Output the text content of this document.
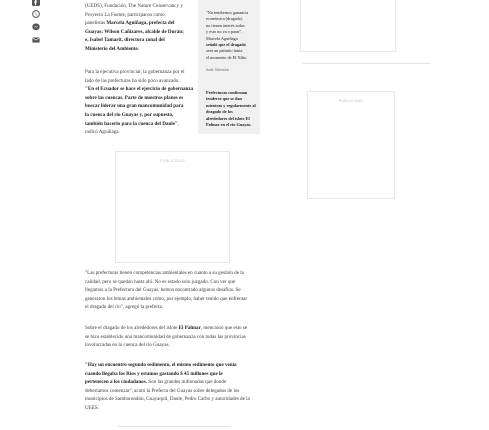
(UEDS), Fundación, The Nature Conservancy y
Proyecto La Fuente, participaron como
panelistas Marcela Aguiñaga, prefecta del
Guayas; Wilson Cañizares, alcalde de Durán;
e, Isabel Tamarit, directora zonal del
Ministerio del Ambiente.
Para la ejecutiva provincial, la gobernanza por el
lado de las prefecturas ha sido poco avanzado.
"En el Ecuador se hace el ejercicio de gobernanza
sobre las cuencas. Parte de nuestros planes es
buscar liderar una gran mancomunidad para
la cuenca del río Guayas y, por supuesto,
también hacerlo para la cuenca del Daule",
indicó Aguiñaga.
"Las prefecturas tienen competencias ambientales en cuanto a su gestión de la
calidad, pero se quedan hasta ahí. No es estado solo juzgado. Con ver que
llegamos a la Prefectura del Guayas, hemos encontrado algunos desafíos. Se
generaron los temas ambientales como, por ejemplo, haber tenido que enfrentar
el dragado del río", agregó la prefecta.
Sobre el dragado de los alrededores del islote El Palmar, mencionó que esto se
se hizo establecido una mancomunidad de gobernanza con todas las provincias
involucradas en la cuenca del río Guayas.
"Hay un encuentro segundo sedimento, el mismo sedimento que venía
cuando llegaba los Ríos y estamos gastando $ 45 millones que le
pertenecen a los ciudadanos. Son las grandes millonadas que donde
deberíamos comenzar", acotó la Prefecta del Guayas sobre delegados de los
municipios de Samborondón, Guayaquil, Daule, Pedro Carbo y autoridades de la
UEES.
"No tendremos ganancia
económica (dragado)
no tienen interés todas
y esto no va a parar".
Marcela Aguiñaga
señaló que el dragado
será un palmito hasta
el momento de El Niño.
Keiti Silvestre
Prefecturas confirman
tenderse que se dan
mientras y regularmente al
dragado de los
alrededores del islote El
Palmar en el río Guayas.
PUBLICIDAD
PUBLICIDAD
